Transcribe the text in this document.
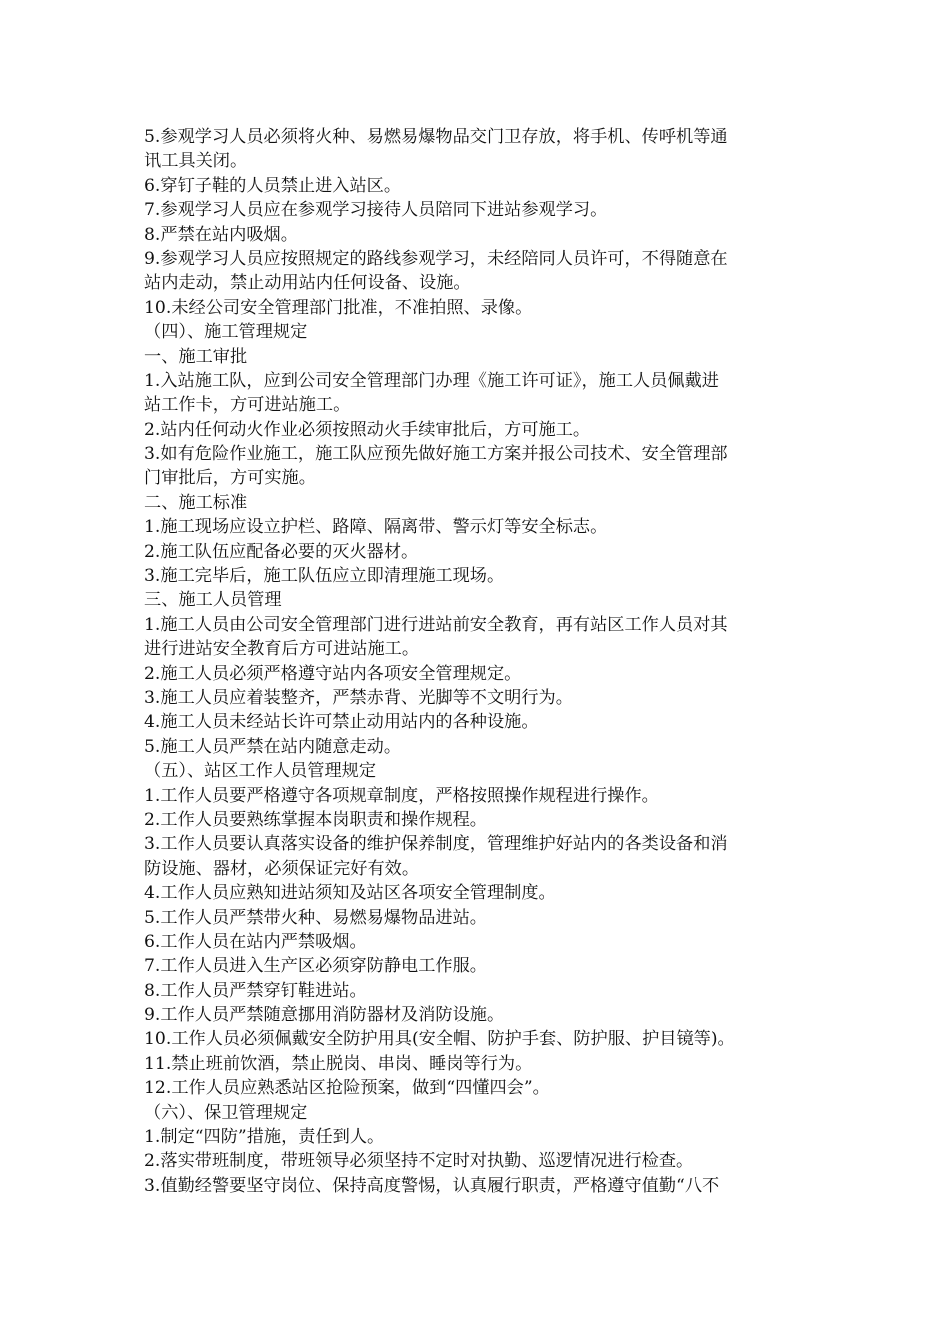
5.参观学习人员必须将火种、易燃易爆物品交门卫存放，将手机、传呼机等通
讯工具关闭。
6.穿钉子鞋的人员禁止进入站区。
7.参观学习人员应在参观学习接待人员陪同下进站参观学习。
8.严禁在站内吸烟。
9.参观学习人员应按照规定的路线参观学习，未经陪同人员许可，不得随意在
站内走动，禁止动用站内任何设备、设施。
10.未经公司安全管理部门批准，不准拍照、录像。
（四）、施工管理规定
一、施工审批
1.入站施工队，应到公司安全管理部门办理《施工许可证》，施工人员佩戴进
站工作卡，方可进站施工。
2.站内任何动火作业必须按照动火手续审批后，方可施工。
3.如有危险作业施工，施工队应预先做好施工方案并报公司技术、安全管理部
门审批后，方可实施。
二、施工标准
1.施工现场应设立护栏、路障、隔离带、警示灯等安全标志。
2.施工队伍应配备必要的灭火器材。
3.施工完毕后，施工队伍应立即清理施工现场。
三、施工人员管理
1.施工人员由公司安全管理部门进行进站前安全教育，再有站区工作人员对其
进行进站安全教育后方可进站施工。
2.施工人员必须严格遵守站内各项安全管理规定。
3.施工人员应着装整齐，严禁赤背、光脚等不文明行为。
4.施工人员未经站长许可禁止动用站内的各种设施。
5.施工人员严禁在站内随意走动。
（五）、站区工作人员管理规定
1.工作人员要严格遵守各项规章制度，严格按照操作规程进行操作。
2.工作人员要熟练掌握本岗职责和操作规程。
3.工作人员要认真落实设备的维护保养制度，管理维护好站内的各类设备和消
防设施、器材，必须保证完好有效。
4.工作人员应熟知进站须知及站区各项安全管理制度。
5.工作人员严禁带火种、易燃易爆物品进站。
6.工作人员在站内严禁吸烟。
7.工作人员进入生产区必须穿防静电工作服。
8.工作人员严禁穿钉鞋进站。
9.工作人员严禁随意挪用消防器材及消防设施。
10.工作人员必须佩戴安全防护用具(安全帽、防护手套、防护服、护目镜等)。
11.禁止班前饮酒，禁止脱岗、串岗、睡岗等行为。
12.工作人员应熟悉站区抢险预案，做到“四懂四会”。
（六）、保卫管理规定
1.制定“四防”措施，责任到人。
2.落实带班制度，带班领导必须坚持不定时对执勤、巡逻情况进行检查。
3.值勤经警要坚守岗位、保持高度警惕，认真履行职责，严格遵守值勤“八不
